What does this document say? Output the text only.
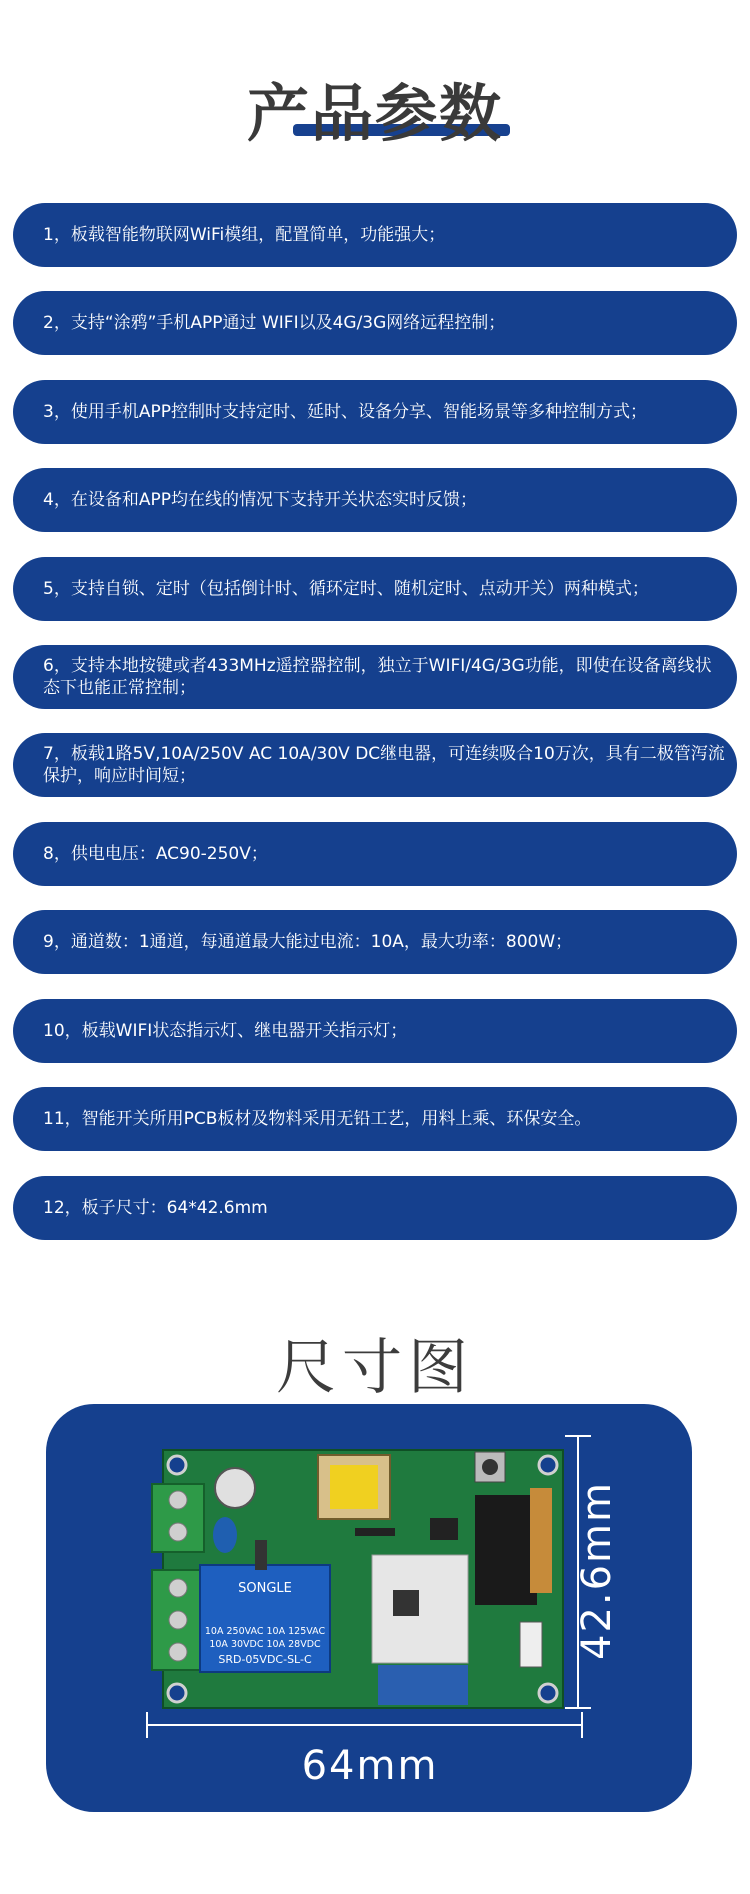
产品参数
1，板载智能物联网WiFi模组，配置简单，功能强大；
2，支持“涂鸦”手机APP通过 WIFI以及4G/3G网络远程控制；
3，使用手机APP控制时支持定时、延时、设备分享、智能场景等多种控制方式；
4，在设备和APP均在线的情况下支持开关状态实时反馈；
5，支持自锁、定时（包括倒计时、循环定时、随机定时、点动开关）两种模式；
6，支持本地按键或者433MHz遥控器控制，独立于WIFI/4G/3G功能，即使在设备离线状态下也能正常控制；
7，板载1路5V,10A/250V AC 10A/30V DC继电器，可连续吸合10万次，具有二极管泻流保护，响应时间短；
8，供电电压：AC90-250V；
9，通道数：1通道，每通道最大能过电流：10A，最大功率：800W；
10，板载WIFI状态指示灯、继电器开关指示灯；
11，智能开关所用PCB板材及物料采用无铅工艺，用料上乘、环保安全。
12，板子尺寸：64*42.6mm
尺寸图
SONGLE
10A 250VAC 10A 125VAC
10A 30VDC 10A 28VDC
SRD-05VDC-SL-C
64mm
42.6mm
